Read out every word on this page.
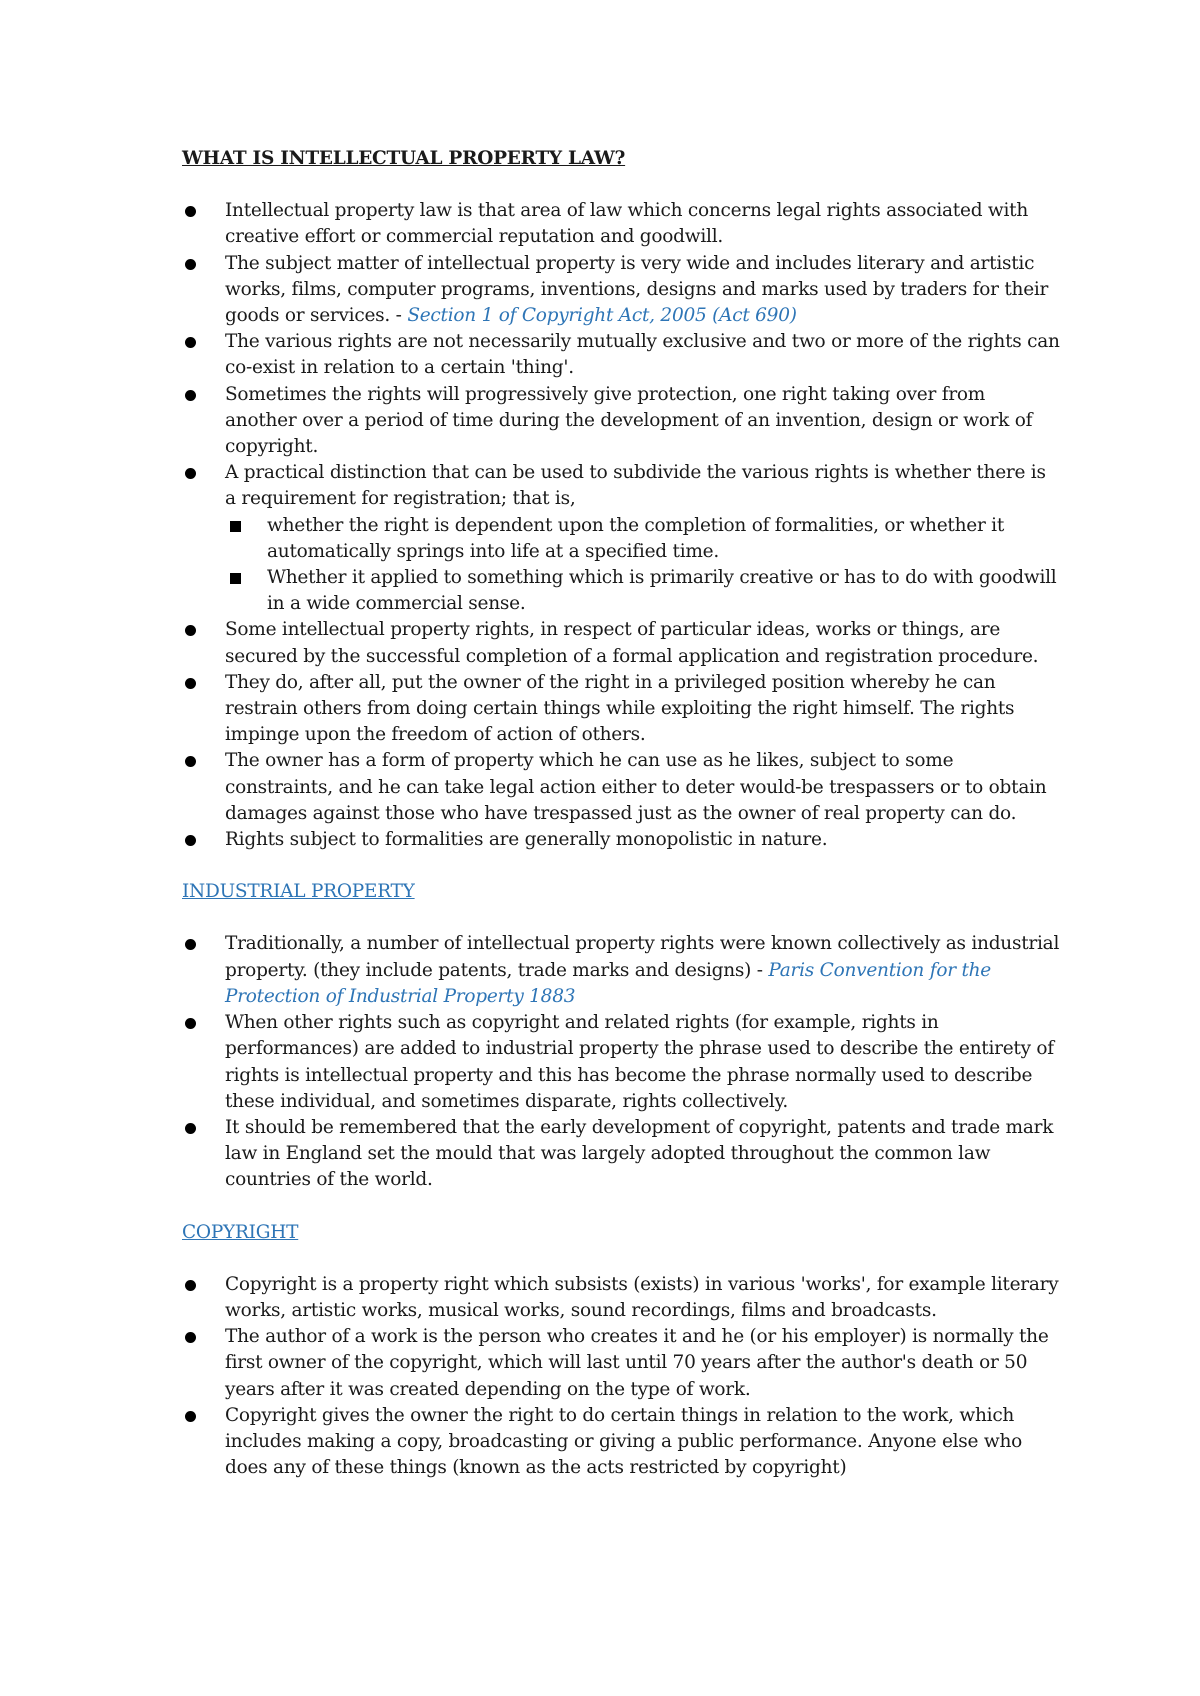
WHAT IS INTELLECTUAL PROPERTY LAW?
Intellectual property law is that area of law which concerns legal rights associated with creative effort or commercial reputation and goodwill.
The subject matter of intellectual property is very wide and includes literary and artistic works, films, computer programs, inventions, designs and marks used by traders for their goods or services. - Section 1 of Copyright Act, 2005 (Act 690)
The various rights are not necessarily mutually exclusive and two or more of the rights can co-exist in relation to a certain 'thing'.
Sometimes the rights will progressively give protection, one right taking over from another over a period of time during the development of an invention, design or work of copyright.
A practical distinction that can be used to subdivide the various rights is whether there is a requirement for registration; that is,
whether the right is dependent upon the completion of formalities, or whether it automatically springs into life at a specified time.
Whether it applied to something which is primarily creative or has to do with goodwill in a wide commercial sense.
Some intellectual property rights, in respect of particular ideas, works or things, are secured by the successful completion of a formal application and registration procedure.
They do, after all, put the owner of the right in a privileged position whereby he can restrain others from doing certain things while exploiting the right himself. The rights impinge upon the freedom of action of others.
The owner has a form of property which he can use as he likes, subject to some constraints, and he can take legal action either to deter would-be trespassers or to obtain damages against those who have trespassed just as the owner of real property can do.
Rights subject to formalities are generally monopolistic in nature.
INDUSTRIAL PROPERTY
Traditionally, a number of intellectual property rights were known collectively as industrial property. (they include patents, trade marks and designs) - Paris Convention for the Protection of Industrial Property 1883
When other rights such as copyright and related rights (for example, rights in performances) are added to industrial property the phrase used to describe the entirety of rights is intellectual property and this has become the phrase normally used to describe these individual, and sometimes disparate, rights collectively.
It should be remembered that the early development of copyright, patents and trade mark law in England set the mould that was largely adopted throughout the common law countries of the world.
COPYRIGHT
Copyright is a property right which subsists (exists) in various 'works', for example literary works, artistic works, musical works, sound recordings, films and broadcasts.
The author of a work is the person who creates it and he (or his employer) is normally the first owner of the copyright, which will last until 70 years after the author's death or 50 years after it was created depending on the type of work.
Copyright gives the owner the right to do certain things in relation to the work, which includes making a copy, broadcasting or giving a public performance. Anyone else who does any of these things (known as the acts restricted by copyright)
